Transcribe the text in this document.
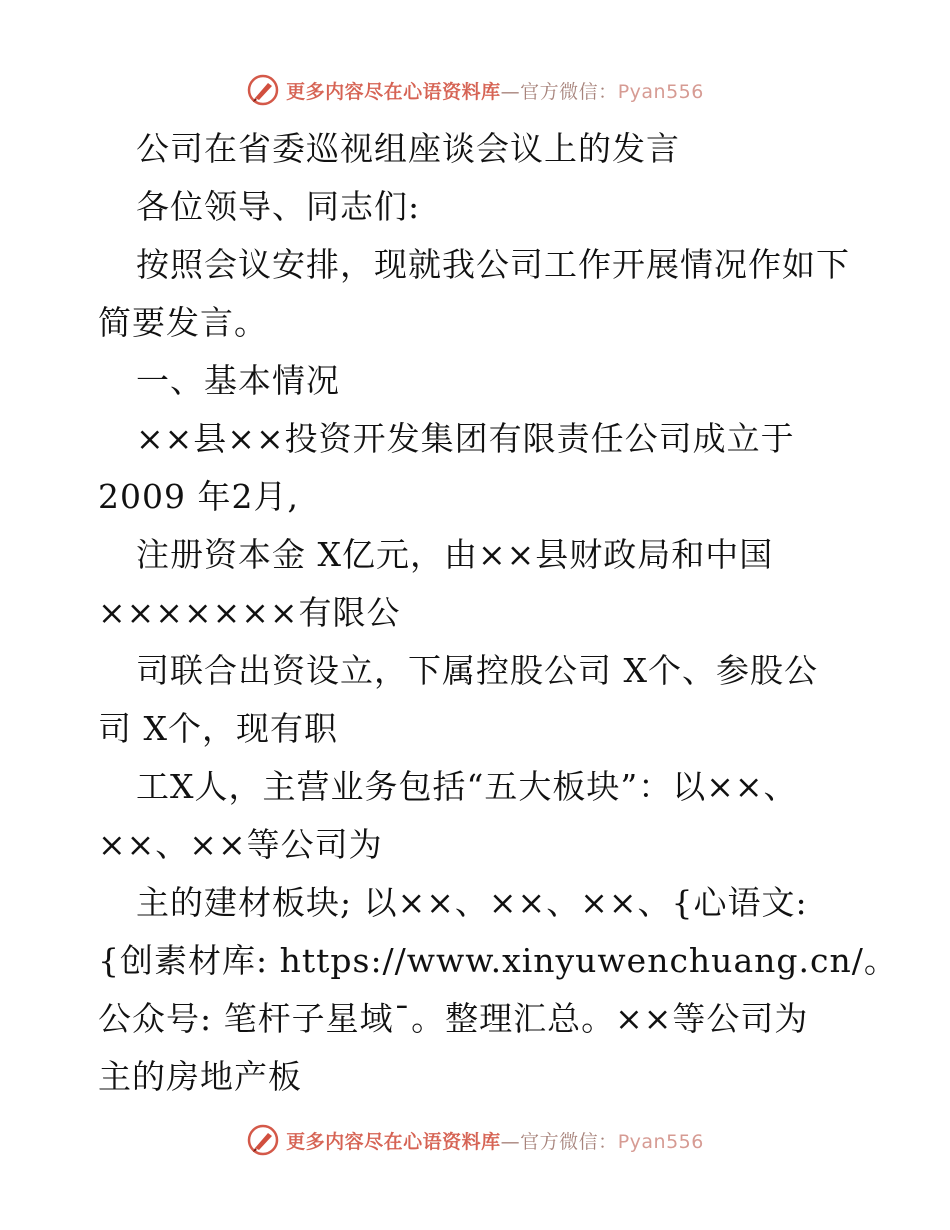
更多内容尽在心语资料库—官方微信：Pyan556
公司在省委巡视组座谈会议上的发言
各位领导、同志们:
按照会议安排，现就我公司工作开展情况作如下
简要发言。
一、基本情况
××县××投资开发集团有限责任公司成立于
2009 年2月,
注册资本金 X亿元，由××县财政局和中国
×××××××有限公
司联合出资设立，下属控股公司 X个、参股公
司 X个，现有职
工X人，主营业务包括“五大板块”：以××、
××、××等公司为
主的建材板块; 以××、××、××、{心语文:
{创素材库: https://www.xinyuwenchuang.cn/。
公众号: 笔杆子星域¯。整理汇总。××等公司为
主的房地产板
更多内容尽在心语资料库—官方微信：Pyan556
